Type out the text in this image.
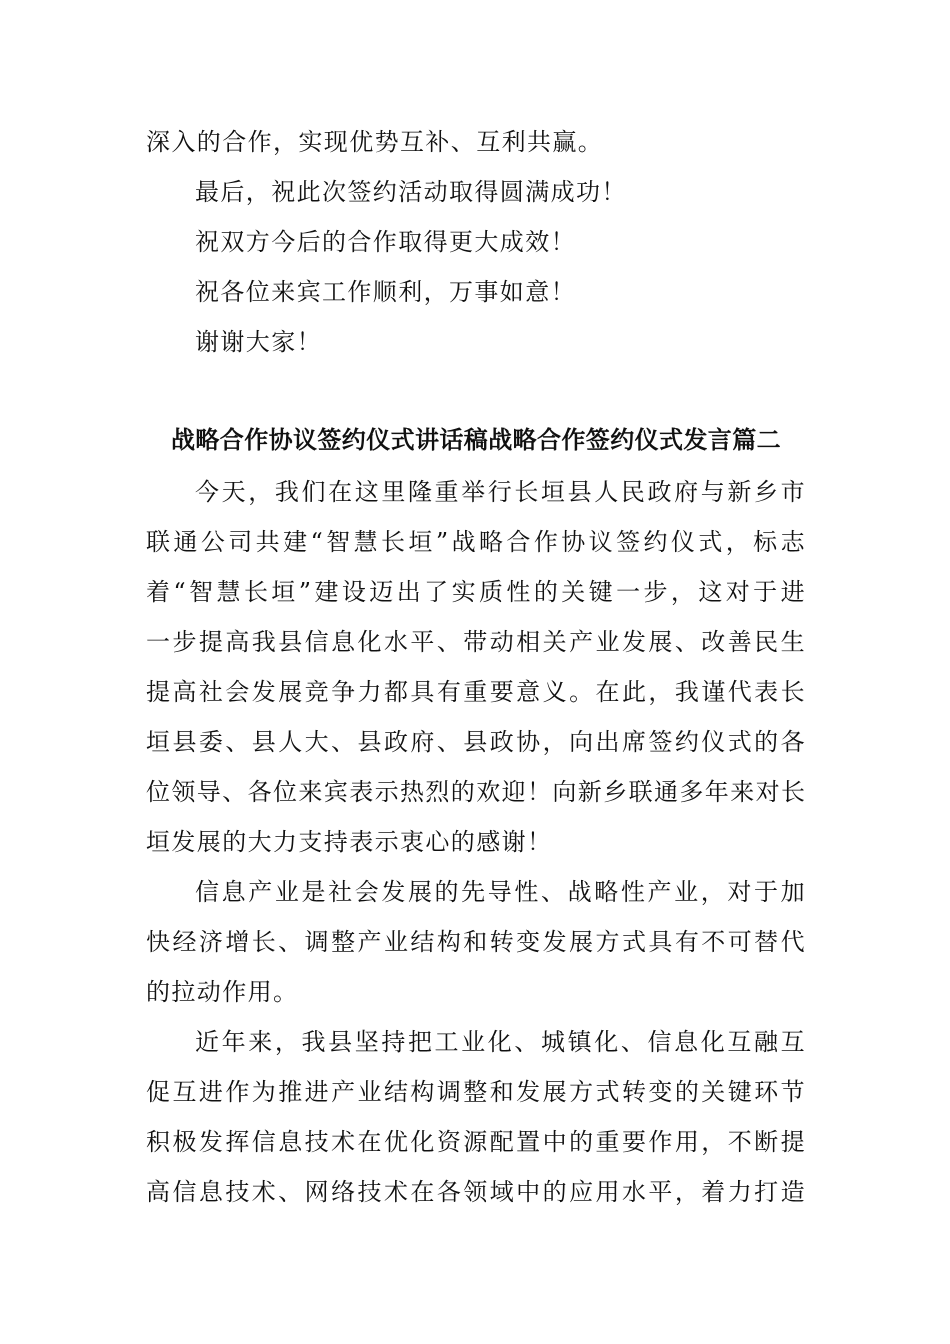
深入的合作，实现优势互补、互利共赢。
最后，祝此次签约活动取得圆满成功！
祝双方今后的合作取得更大成效！
祝各位来宾工作顺利，万事如意！
谢谢大家！
战略合作协议签约仪式讲话稿战略合作签约仪式发言篇二
今天，我们在这里隆重举行长垣县人民政府与新乡市
联通公司共建“智慧长垣”战略合作协议签约仪式，标志
着“智慧长垣”建设迈出了实质性的关键一步，这对于进
一步提高我县信息化水平、带动相关产业发展、改善民生
提高社会发展竞争力都具有重要意义。在此，我谨代表长
垣县委、县人大、县政府、县政协，向出席签约仪式的各
位领导、各位来宾表示热烈的欢迎！向新乡联通多年来对长
垣发展的大力支持表示衷心的感谢！
信息产业是社会发展的先导性、战略性产业，对于加
快经济增长、调整产业结构和转变发展方式具有不可替代
的拉动作用。
近年来，我县坚持把工业化、城镇化、信息化互融互
促互进作为推进产业结构调整和发展方式转变的关键环节
积极发挥信息技术在优化资源配置中的重要作用，不断提
高信息技术、网络技术在各领域中的应用水平，着力打造
